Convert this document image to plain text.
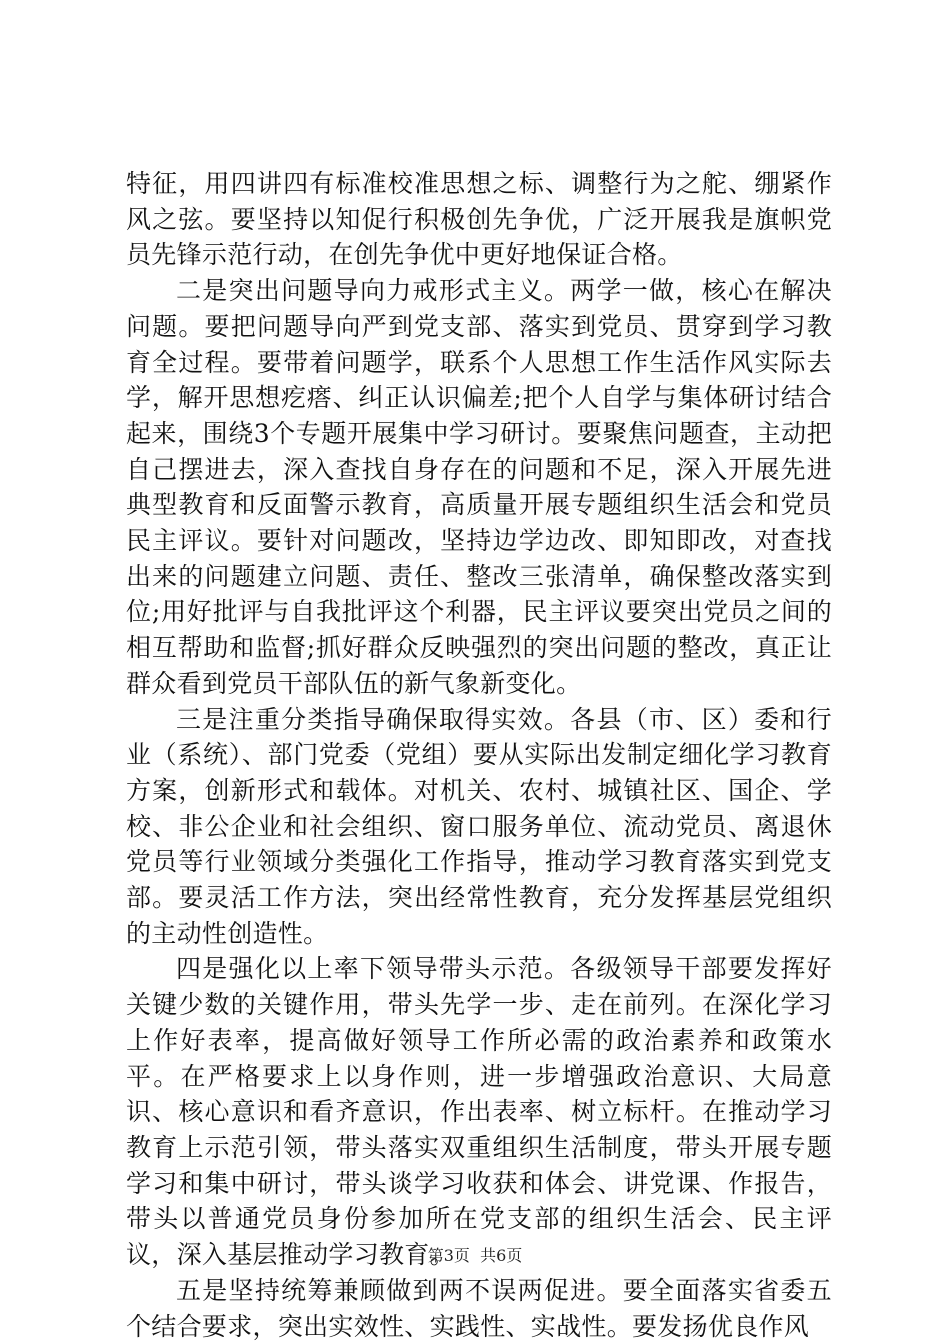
特征，用四讲四有标准校准思想之标、调整行为之舵、绷紧作风之弦。要坚持以知促行积极创先争优，广泛开展我是旗帜党员先锋示范行动，在创先争优中更好地保证合格。

二是突出问题导向力戒形式主义。两学一做，核心在解决问题。要把问题导向严到党支部、落实到党员、贯穿到学习教育全过程。要带着问题学，联系个人思想工作生活作风实际去学，解开思想疙瘩、纠正认识偏差;把个人自学与集体研讨结合起来，围绕3个专题开展集中学习研讨。要聚焦问题查，主动把自己摆进去，深入查找自身存在的问题和不足，深入开展先进典型教育和反面警示教育，高质量开展专题组织生活会和党员民主评议。要针对问题改，坚持边学边改、即知即改，对查找出来的问题建立问题、责任、整改三张清单，确保整改落实到位;用好批评与自我批评这个利器，民主评议要突出党员之间的相互帮助和监督;抓好群众反映强烈的突出问题的整改，真正让群众看到党员干部队伍的新气象新变化。

三是注重分类指导确保取得实效。各县（市、区）委和行业（系统）、部门党委（党组）要从实际出发制定细化学习教育方案，创新形式和载体。对机关、农村、城镇社区、国企、学校、非公企业和社会组织、窗口服务单位、流动党员、离退休党员等行业领域分类强化工作指导，推动学习教育落实到党支部。要灵活工作方法，突出经常性教育，充分发挥基层党组织的主动性创造性。

四是强化以上率下领导带头示范。各级领导干部要发挥好关键少数的关键作用，带头先学一步、走在前列。在深化学习上作好表率，提高做好领导工作所必需的政治素养和政策水平。在严格要求上以身作则，进一步增强政治意识、大局意识、核心意识和看齐意识，作出表率、树立标杆。在推动学习教育上示范引领，带头落实双重组织生活制度，带头开展专题学习和集中研讨，带头谈学习收获和体会、讲党课、作报告，带头以普通党员身份参加所在党支部的组织生活会、民主评议，深入基层推动学习教育。

五是坚持统筹兼顾做到两不误两促进。要全面落实省委五个结合要求，突出实效性、实践性、实战性。要发扬优良作风

第3页  共6页
